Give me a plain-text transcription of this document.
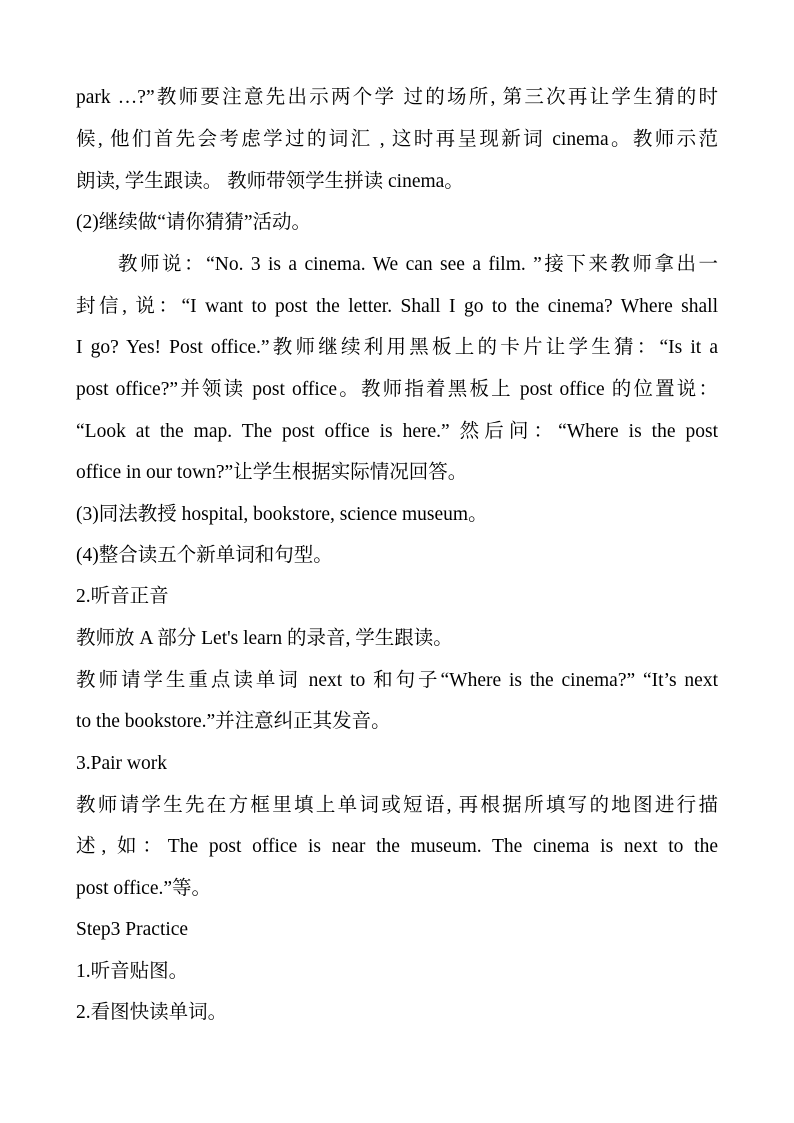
park …?”教师要注意先出示两个学 过的场所, 第三次再让学生猜的时
候, 他们首先会考虑学过的词汇 , 这时再呈现新词 cinema。教师示范
朗读, 学生跟读。 教师带领学生拼读 cinema。
(2)继续做“请你猜猜”活动。
教师说：“No. 3 is a cinema. We can see a film. ”接下来教师拿出一
封信, 说：“I want to post the letter. Shall I go to the cinema? Where shall
I go? Yes! Post office.”教师继续利用黑板上的卡片让学生猜：“Is it a
post office?”并领读 post office。教师指着黑板上 post office 的位置说：
“Look at the map. The post office is here.” 然后问：“Where is the post
office in our town?”让学生根据实际情况回答。
(3)同法教授 hospital, bookstore, science museum。
(4)整合读五个新单词和句型。
2.听音正音
教师放 A 部分 Let's learn 的录音, 学生跟读。
教师请学生重点读单词 next to 和句子“Where is the cinema?” “It’s next
to the bookstore.”并注意纠正其发音。
3.Pair work
教师请学生先在方框里填上单词或短语, 再根据所填写的地图进行描
述, 如：The post office is near the museum. The cinema is next to the
post office.”等。
Step3 Practice
1.听音贴图。
2.看图快读单词。
